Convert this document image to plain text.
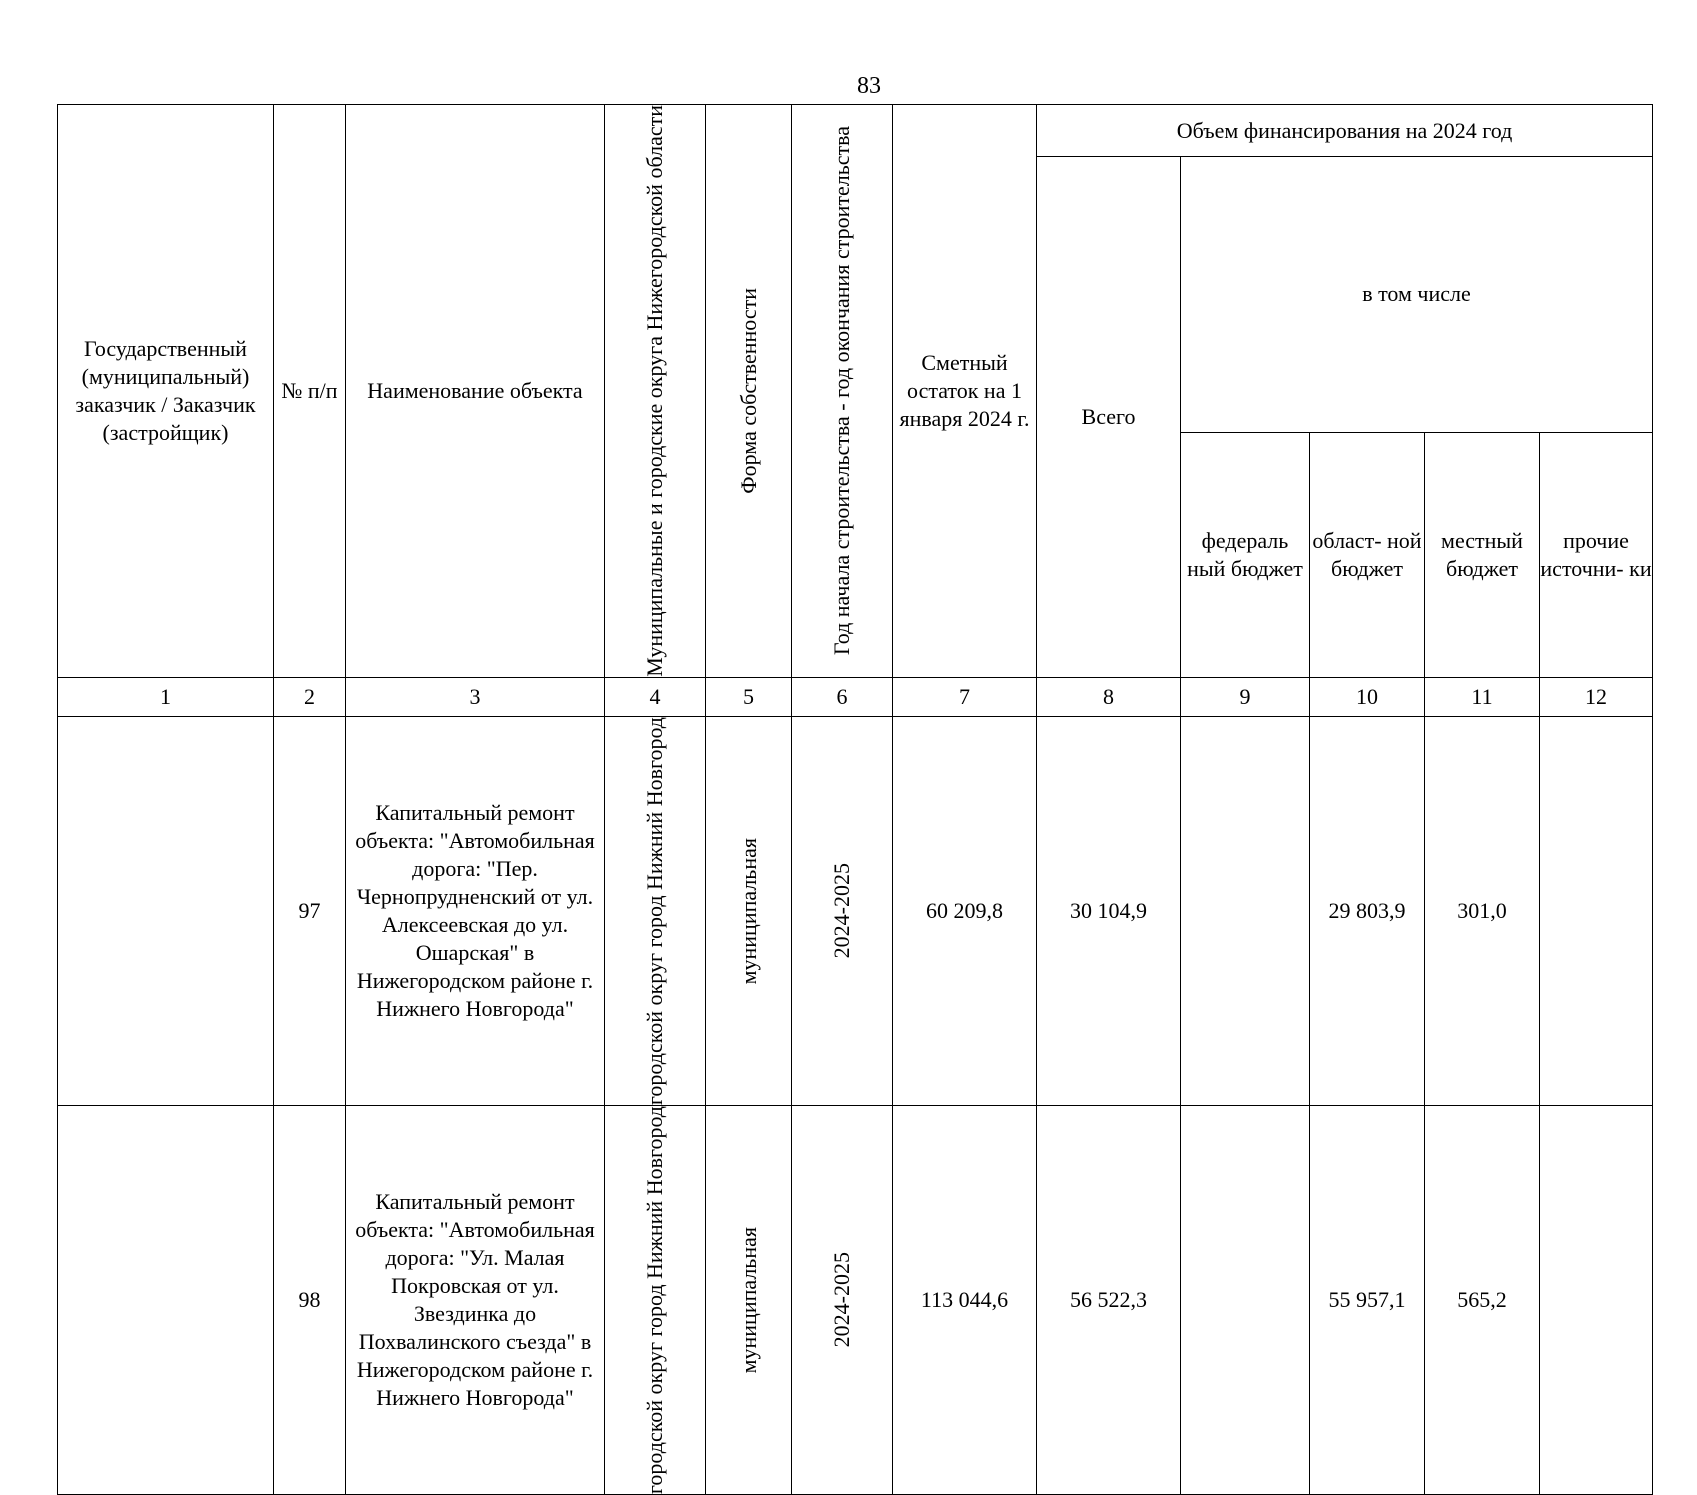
83
Государственный (муниципальный) заказчик / Заказчик (застройщик)	№ п/п	Наименование объекта	Муниципальные и городские округа Нижегородской области	Форма собственности	Год начала строительства - год окончания строительства	Сметный остаток на 1 января 2024 г.	Объем финансирования на 2024 год				
							Всего	в том числе			
								федераль ный бюджет	област- ной бюджет	местный бюджет	прочие источни- ки
1	2	3	4	5	6	7	8	9	10	11	12
	97	Капитальный ремонт объекта: "Автомобильная дорога: "Пер. Чернопрудненский от ул. Алексеевская до ул. Ошарская" в Нижегородском районе г. Нижнего Новгорода"	городской округ город Нижний Новгород	муниципальная	2024-2025	60 209,8	30 104,9		29 803,9	301,0	
	98	Капитальный ремонт объекта: "Автомобильная дорога: "Ул. Малая Покровская от ул. Звездинка до Похвалинского съезда" в Нижегородском районе г. Нижнего Новгорода"	городской округ город Нижний Новгород	муниципальная	2024-2025	113 044,6	56 522,3		55 957,1	565,2	
